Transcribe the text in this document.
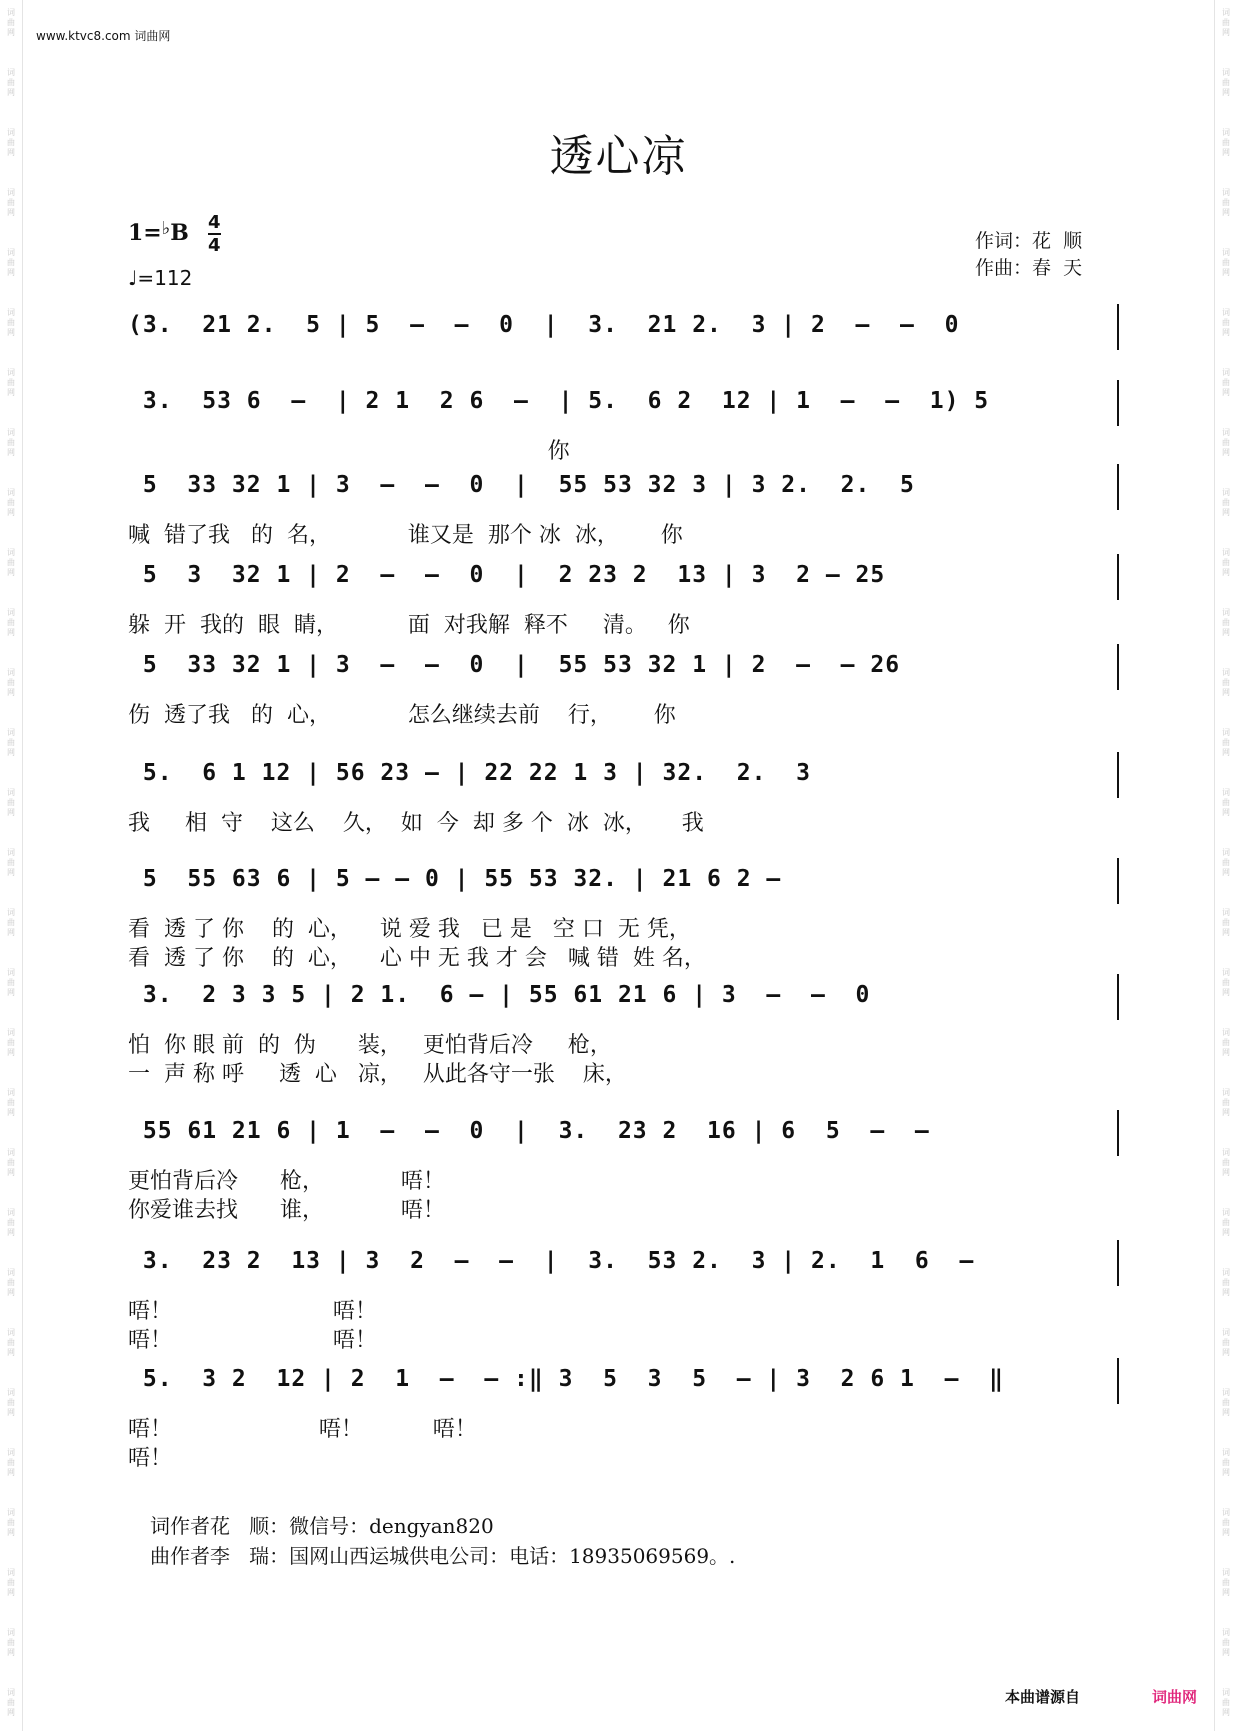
词
曲
网
词
曲
网
词
曲
网
词
曲
网
词
曲
网
词
曲
网
词
曲
网
词
曲
网
词
曲
网
词
曲
网
词
曲
网
词
曲
网
词
曲
网
词
曲
网
词
曲
网
词
曲
网
词
曲
网
词
曲
网
词
曲
网
词
曲
网
词
曲
网
词
曲
网
词
曲
网
词
曲
网
词
曲
网
词
曲
网
词
曲
网
词
曲
网
词
曲
网
词
曲
网
词
曲
网
词
曲
网
词
曲
网
词
曲
网
词
曲
网
词
曲
网
词
曲
网
词
曲
网
词
曲
网
词
曲
网
词
曲
网
词
曲
网
词
曲
网
词
曲
网
词
曲
网
词
曲
网
词
曲
网
词
曲
网
词
曲
网
词
曲
网
词
曲
网
词
曲
网
词
曲
网
词
曲
网
词
曲
网
词
曲
网
词
曲
网
词
曲
网
www.ktvc8.com 词曲网
透心凉
1=♭B 4
4
♩=112
作词：花  顺
作曲：春  天
(3.  21 2.  5 | 5  –  –  0  |  3.  21 2.  3 | 2  –  –  0
3.  53 6  –  | 2 1  2 6  –  | 5.  6 2  12 | 1  –  –  1) 5
你
5  33 32 1 | 3  –  –  0  |  55 53 32 3 | 3 2.  2.  5
喊  错了我   的  名，           谁又是  那个 冰  冰，      你
5  3  32 1 | 2  –  –  0  |  2 23 2  13 | 3  2 – 25
躲  开  我的  眼  睛，          面  对我解  释不     清。   你
5  33 32 1 | 3  –  –  0  |  55 53 32 1 | 2  –  – 26
伤  透了我   的  心，           怎么继续去前    行，      你
5.  6 1 12 | 56 23 – | 22 22 1 3 | 32.  2.  3
我     相  守    这么    久，  如  今  却 多 个  冰  冰，     我
5  55 63 6 | 5 – – 0 | 55 53 32. | 21 6 2 –
看  透 了 你    的  心，    说 爱 我   已 是   空 口  无 凭，
看  透 了 你    的  心，    心 中 无 我 才 会   喊 错  姓 名，
3.  2 3 3 5 | 2 1.  6 – | 55 61 21 6 | 3  –  –  0
怕  你 眼 前  的  伪      装，   更怕背后冷     枪，
一  声 称 呼     透  心   凉，   从此各守一张    床，
55 61 21 6 | 1  –  –  0  |  3.  23 2  16 | 6  5  –  –
更怕背后冷      枪，           唔！
你爱谁去找      谁，           唔！
3.  23 2  13 | 3  2  –  –  |  3.  53 2.  3 | 2.  1  6  –
唔！                       唔！
唔！                       唔！
5.  3 2  12 | 2  1  –  – :‖ 3  5  3  5  – | 3  2 6 1  –  ‖
唔！                     唔！          唔！
唔！
词作者花   顺：微信号：dengyan820
曲作者李   瑞：国网山西运城供电公司：电话：18935069569。.
本曲谱源自	词曲网
